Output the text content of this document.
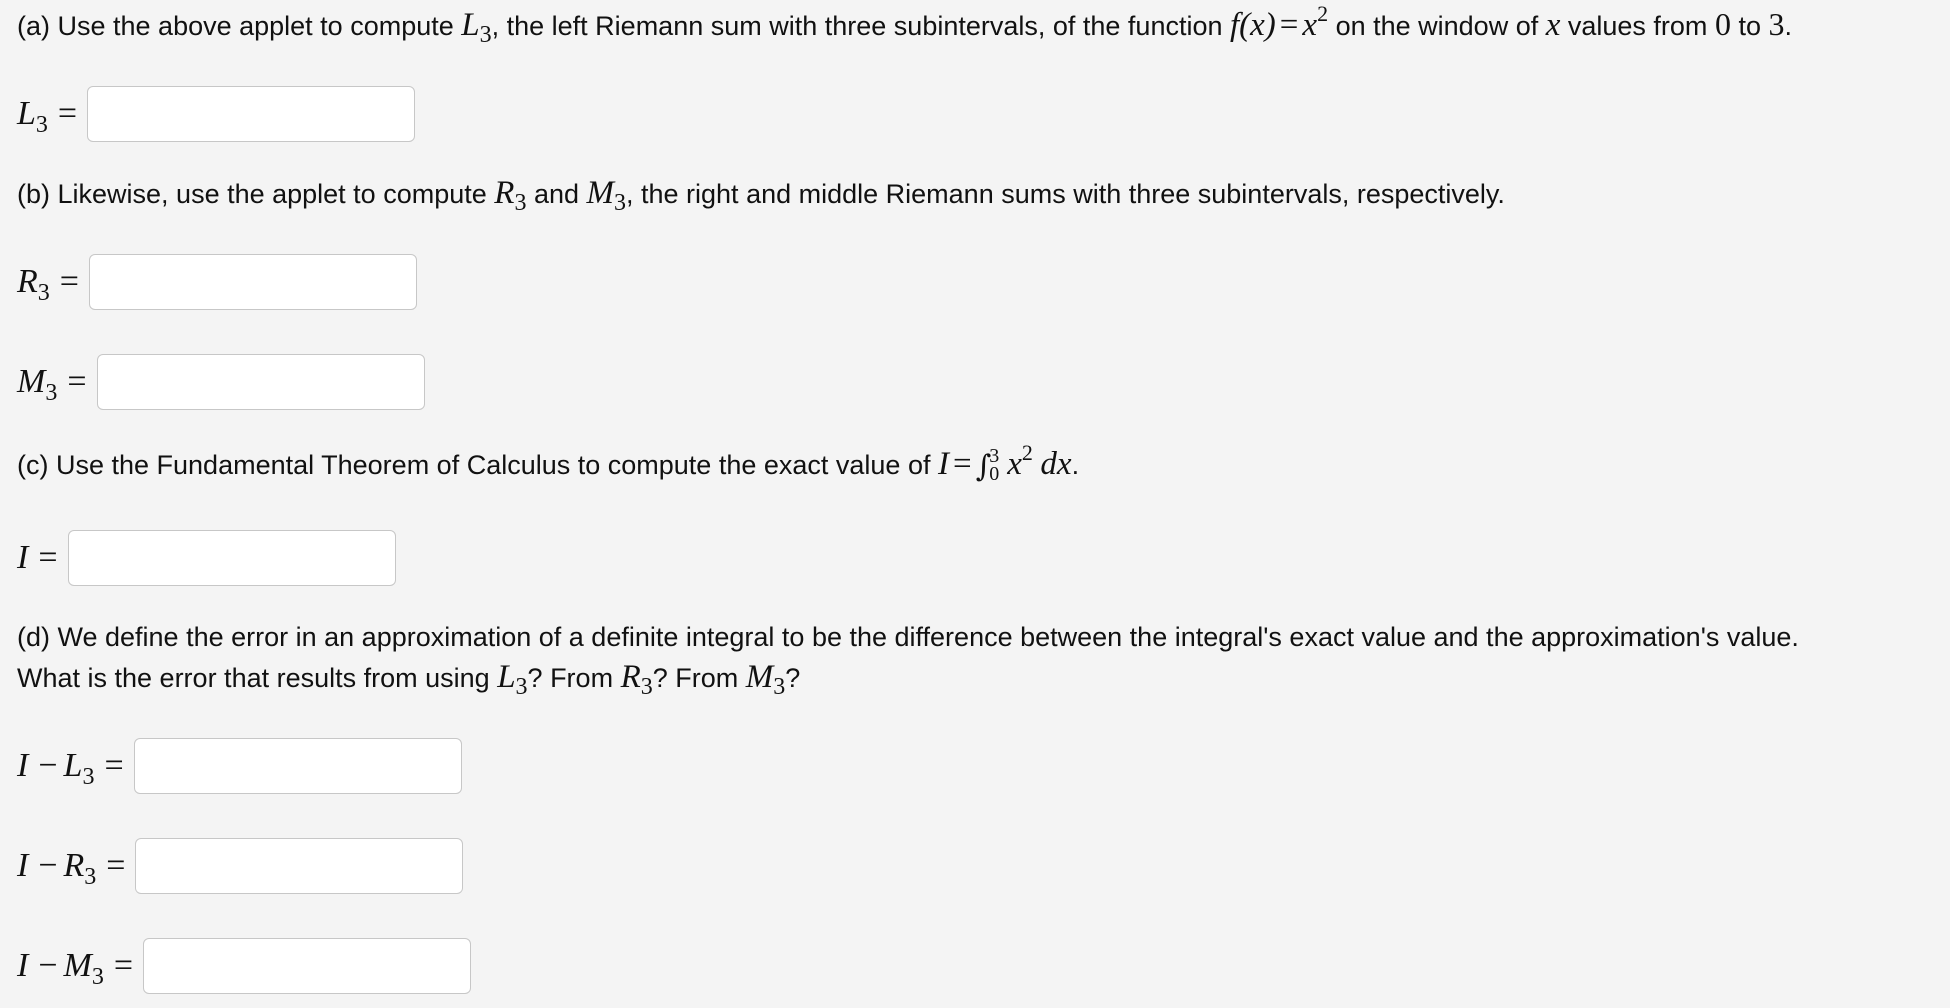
(a) Use the above applet to compute L3, the left Riemann sum with three subintervals, of the function $f(x) = x^2$ on the window of x values from 0 to 3.
$L_3$ =
(b) Likewise, use the applet to compute R3 and M3, the right and middle Riemann sums with three subintervals, respectively.
$R_3$ =
$M_3$ =
(c) Use the Fundamental Theorem of Calculus to compute the exact value of I = ∫
3
0 $x^2$ dx.
I =
(d) We define the error in an approximation of a definite integral to be the difference between the integral's exact value and the approximation's value.
What is the error that results from using L3? From R3? From M3?
$I - L_3$ =
$I - R_3$ =
$I - M_3$ =
